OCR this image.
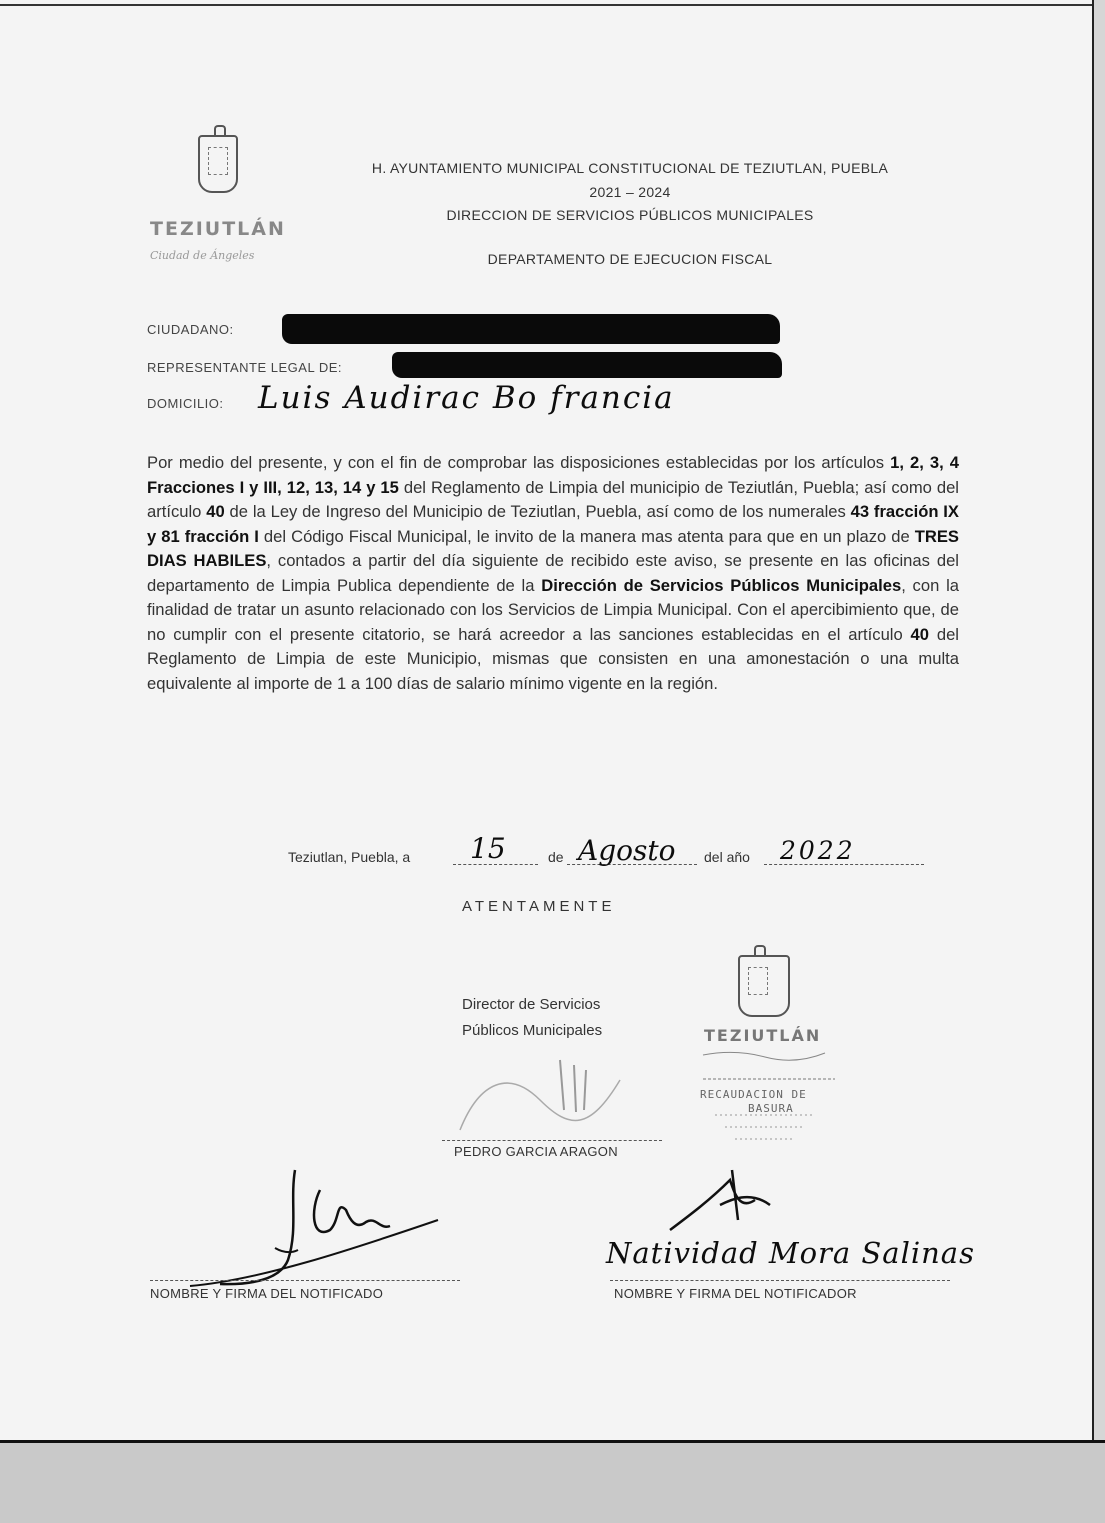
TEZIUTLÁN
Ciudad de Ángeles
H. AYUNTAMIENTO MUNICIPAL CONSTITUCIONAL DE TEZIUTLAN, PUEBLA
2021 – 2024
DIRECCION DE SERVICIOS PÚBLICOS MUNICIPALES
DEPARTAMENTO DE EJECUCION FISCAL
CIUDADANO:
REPRESENTANTE LEGAL DE:
DOMICILIO: Luis Audirac Bo francia
Por medio del presente, y con el fin de comprobar las disposiciones establecidas por los artículos 1, 2, 3, 4 Fracciones I y III, 12, 13, 14 y 15 del Reglamento de Limpia del municipio de Teziutlán, Puebla; así como del artículo 40 de la Ley de Ingreso del Municipio de Teziutlan, Puebla, así como de los numerales 43 fracción IX y 81 fracción I del Código Fiscal Municipal, le invito de la manera mas atenta para que en un plazo de TRES DIAS HABILES, contados a partir del día siguiente de recibido este aviso, se presente en las oficinas del departamento de Limpia Publica dependiente de la Dirección de Servicios Públicos Municipales, con la finalidad de tratar un asunto relacionado con los Servicios de Limpia Municipal. Con el apercibimiento que, de no cumplir con el presente citatorio, se hará acreedor a las sanciones establecidas en el artículo 40 del Reglamento de Limpia de este Municipio, mismas que consisten en una amonestación o una multa equivalente al importe de 1 a 100 días de salario mínimo vigente en la región.
Teziutlan, Puebla, a 15	de Agosto del año 2022
ATENTAMENTE
Director de Servicios
Públicos Municipales
PEDRO GARCIA ARAGON
TEZIUTLÁN
RECAUDACION DE
BASURA
NOMBRE Y FIRMA DEL NOTIFICADO
Natividad Mora Salinas
NOMBRE Y FIRMA DEL NOTIFICADOR
